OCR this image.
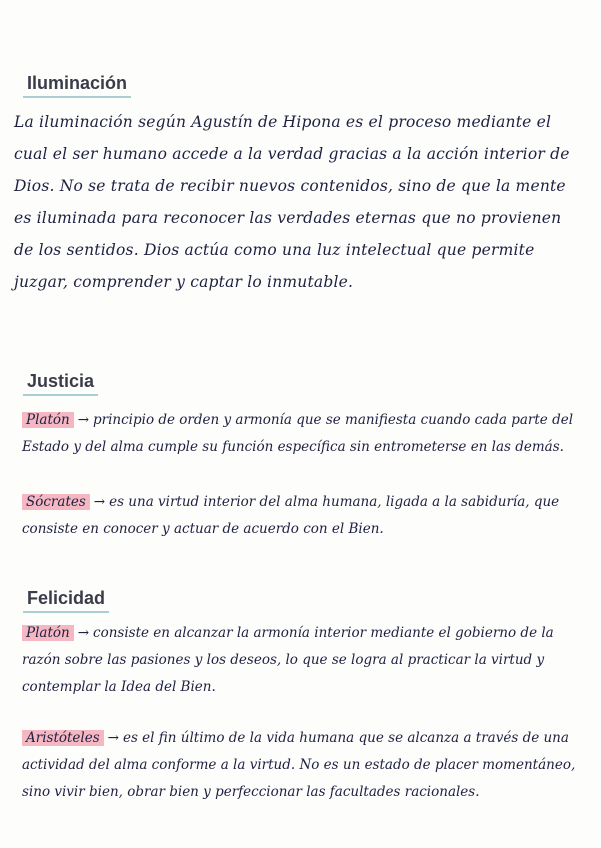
Iluminación

La iluminación según Agustín de Hipona es el proceso mediante el cual el ser humano accede a la verdad gracias a la acción interior de Dios. No se trata de recibir nuevos contenidos, sino de que la mente es iluminada para reconocer las verdades eternas que no provienen de los sentidos. Dios actúa como una luz intelectual que permite juzgar, comprender y captar lo inmutable.

Justicia

Platón → principio de orden y armonía que se manifiesta cuando cada parte del Estado y del alma cumple su función específica sin entrometerse en las demás.

Sócrates → es una virtud interior del alma humana, ligada a la sabiduría, que consiste en conocer y actuar de acuerdo con el Bien.

Felicidad

Platón → consiste en alcanzar la armonía interior mediante el gobierno de la razón sobre las pasiones y los deseos, lo que se logra al practicar la virtud y contemplar la Idea del Bien.

Aristóteles → es el fin último de la vida humana que se alcanza a través de una actividad del alma conforme a la virtud. No es un estado de placer momentáneo, sino vivir bien, obrar bien y perfeccionar las facultades racionales.
